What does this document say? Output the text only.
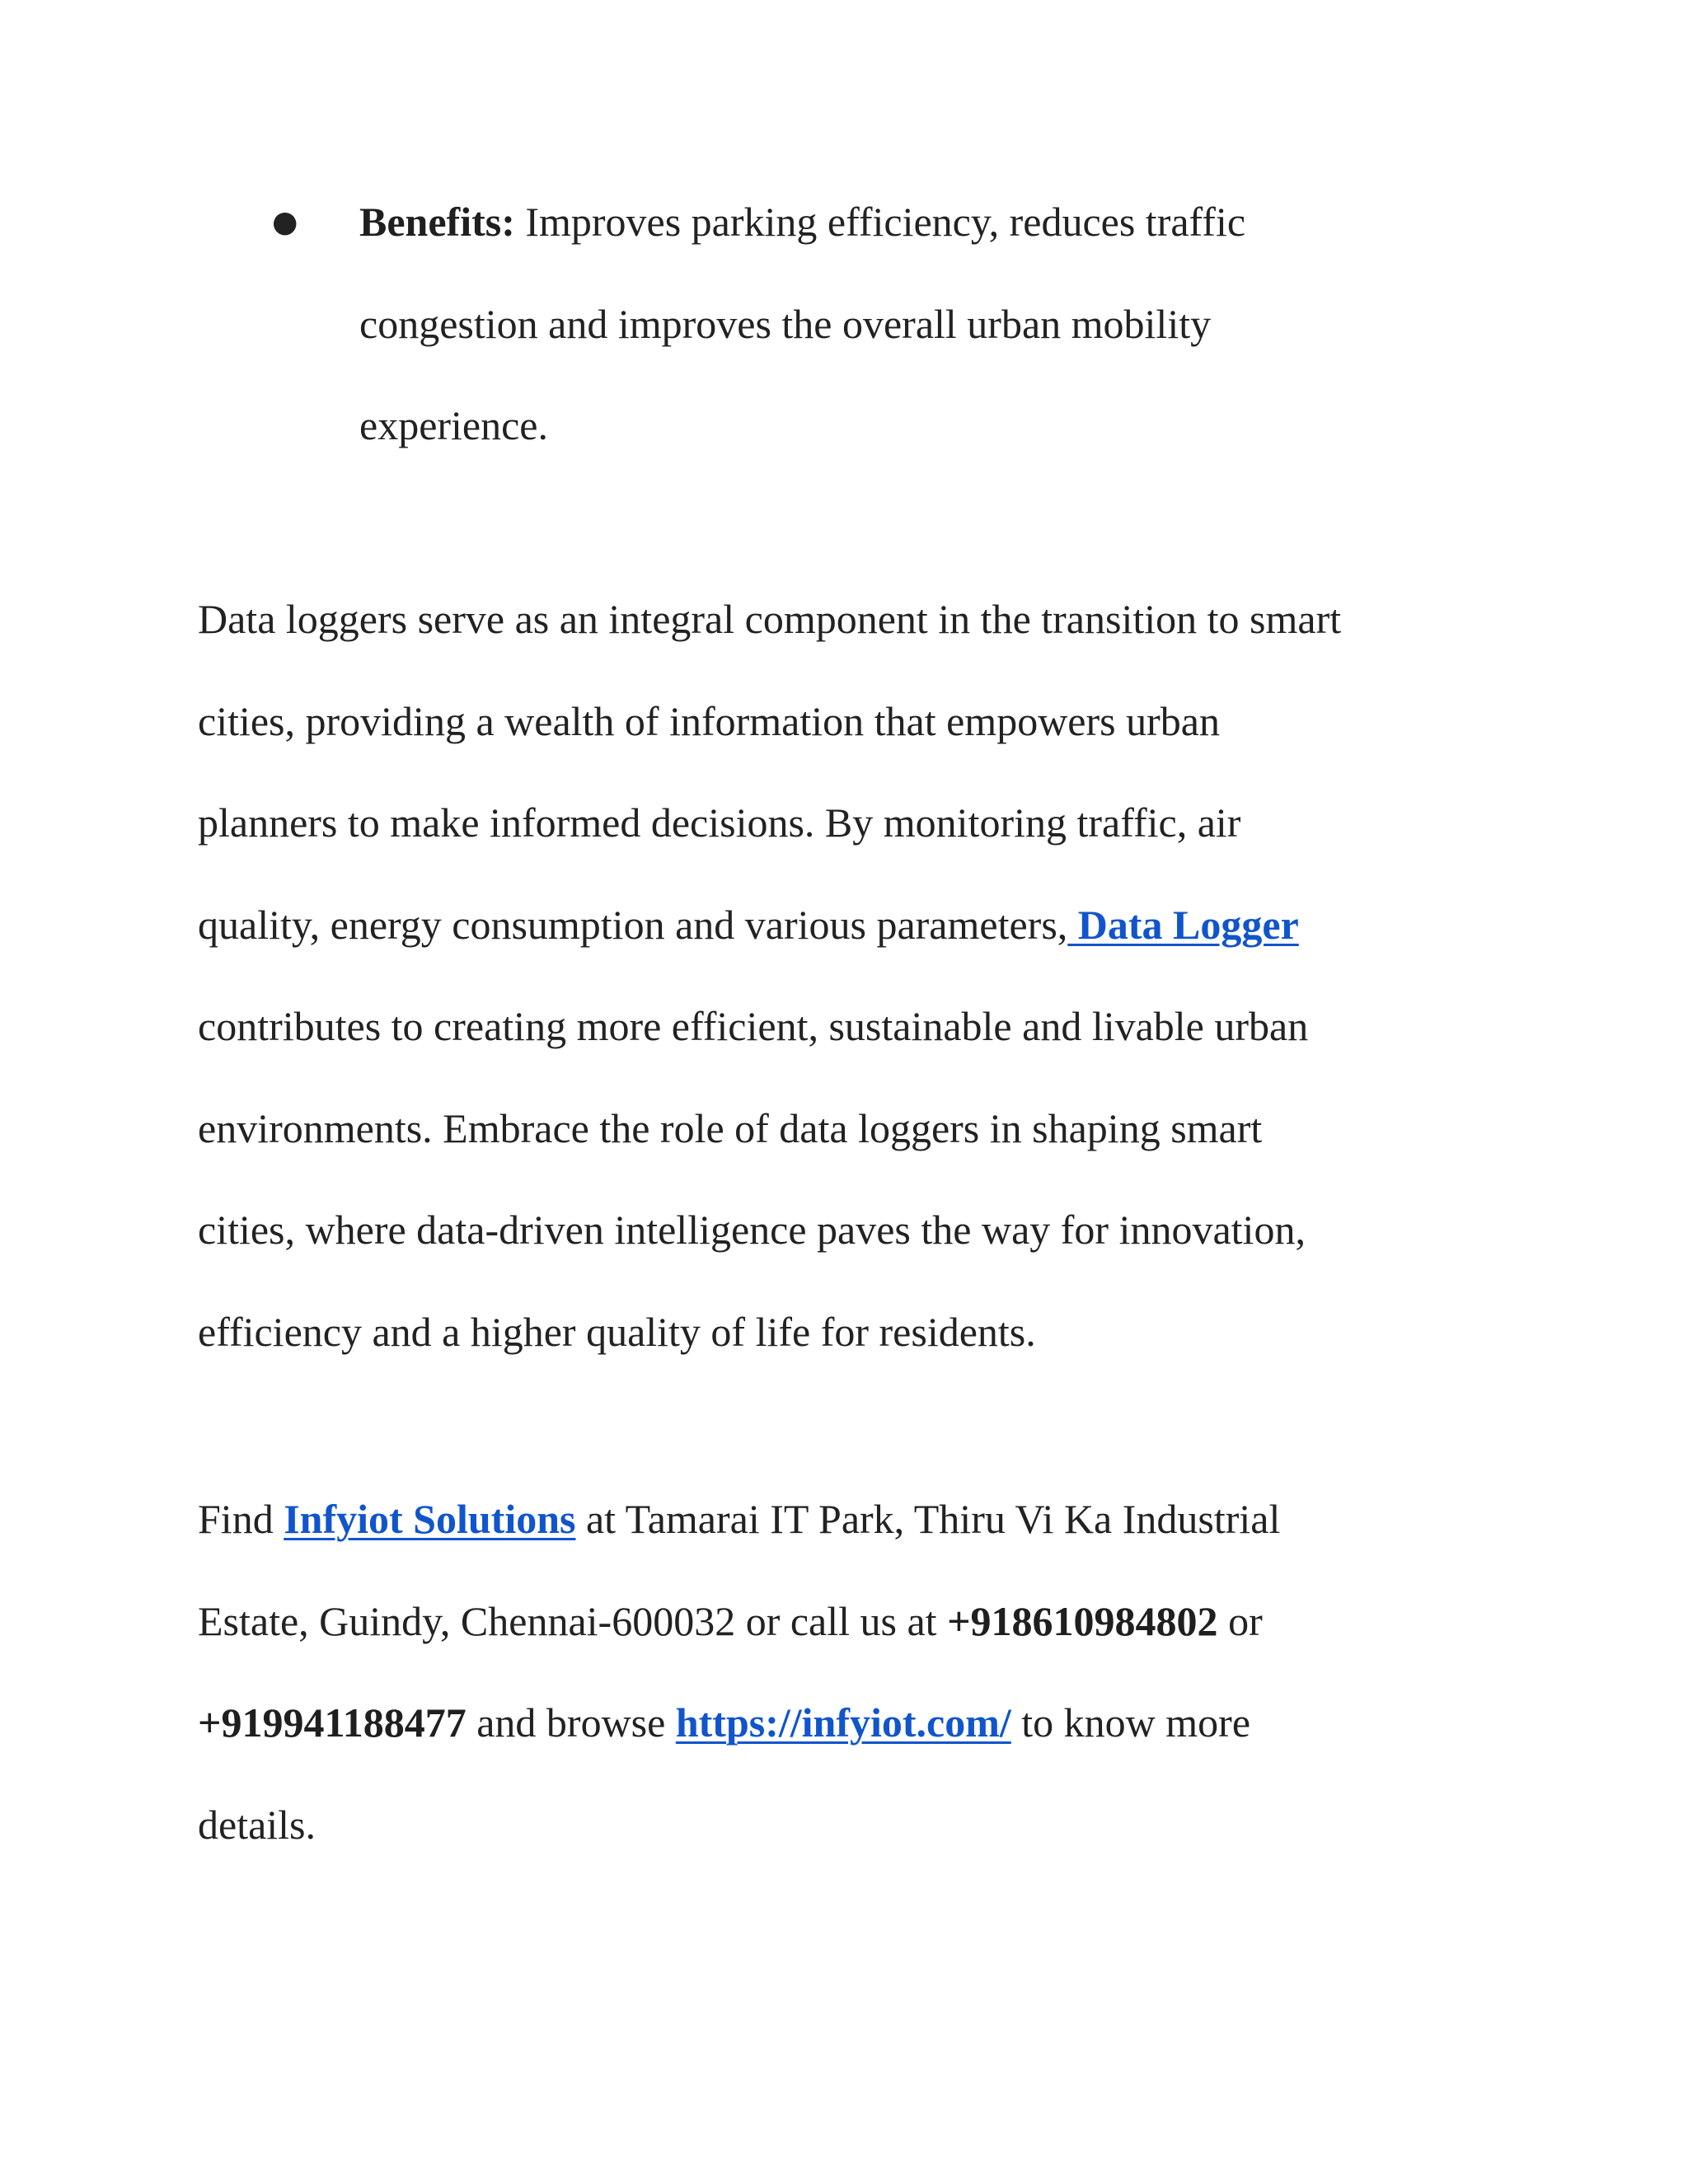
● Benefits: Improves parking efficiency, reduces traffic
congestion and improves the overall urban mobility
experience.
Data loggers serve as an integral component in the transition to smart
cities, providing a wealth of information that empowers urban
planners to make informed decisions. By monitoring traffic, air
quality, energy consumption and various parameters, Data Logger
contributes to creating more efficient, sustainable and livable urban
environments. Embrace the role of data loggers in shaping smart
cities, where data-driven intelligence paves the way for innovation,
efficiency and a higher quality of life for residents.
Find Infyiot Solutions at Tamarai IT Park, Thiru Vi Ka Industrial
Estate, Guindy, Chennai-600032 or call us at +918610984802 or
+919941188477 and browse https://infyiot.com/ to know more
details.
